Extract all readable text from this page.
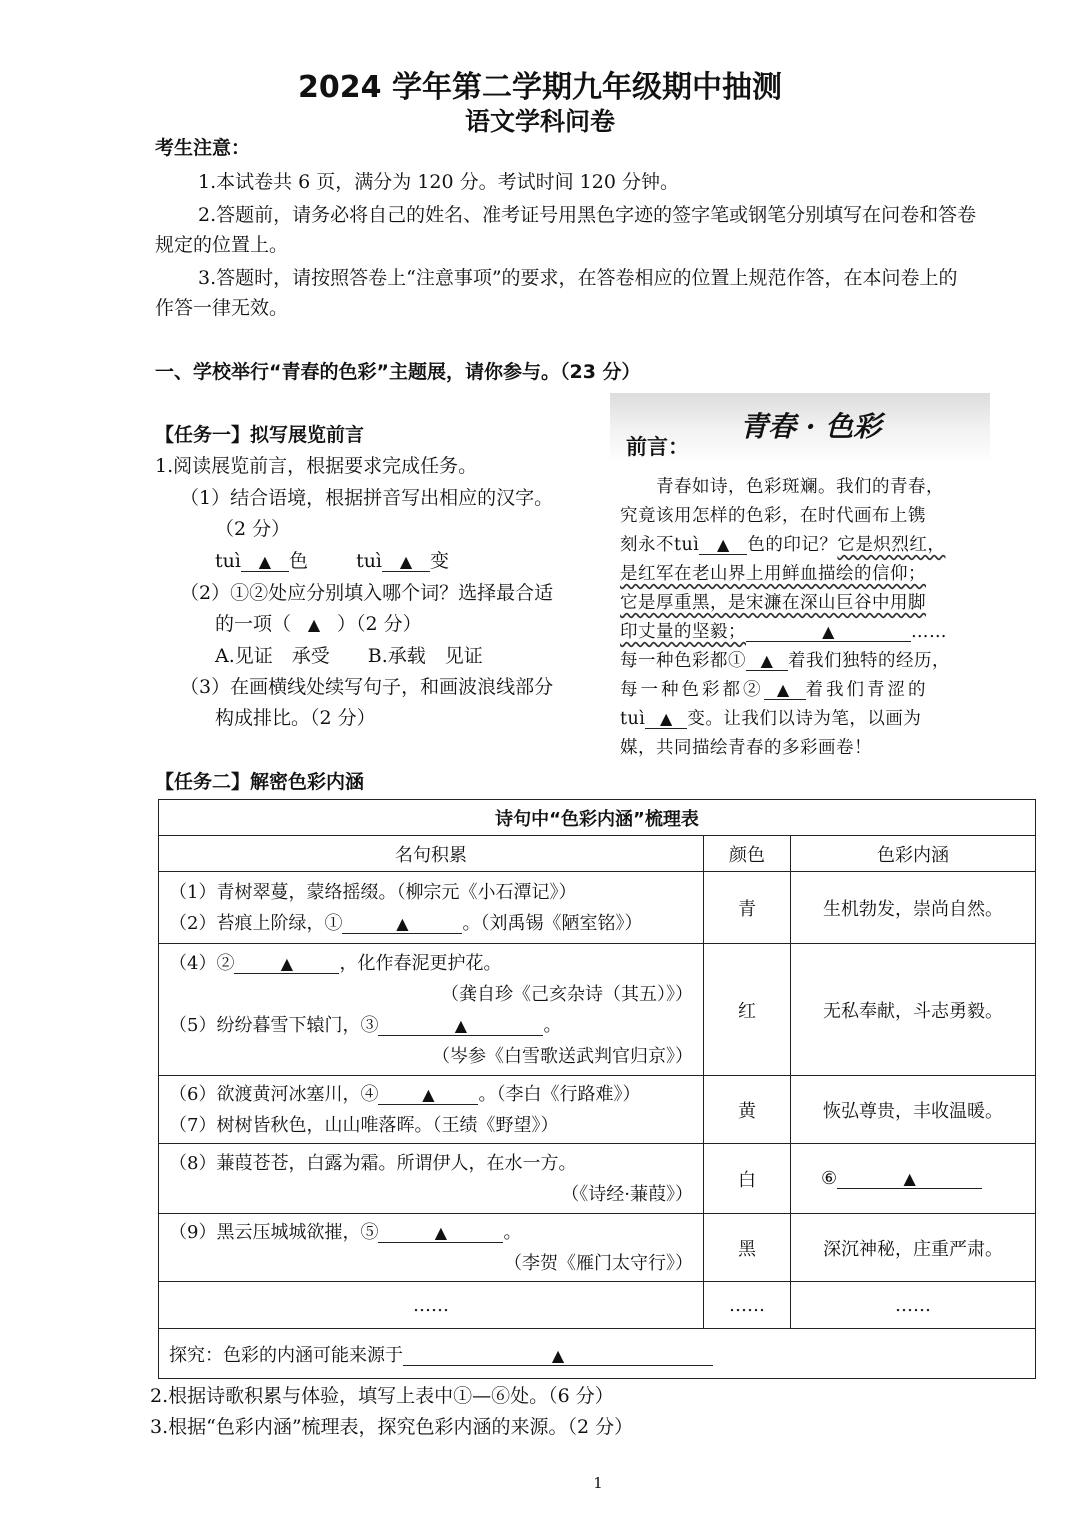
2024 学年第二学期九年级期中抽测
语文学科问卷
考生注意：
1.本试卷共 6 页，满分为 120 分。考试时间 120 分钟。
2.答题前，请务必将自己的姓名、准考证号用黑色字迹的签字笔或钢笔分别填写在问卷和答卷
规定的位置上。
3.答题时，请按照答卷上“注意事项”的要求，在答卷相应的位置上规范作答，在本问卷上的
作答一律无效。
一、学校举行“青春的色彩”主题展，请你参与。（23 分）
【任务一】拟写展览前言
1.阅读展览前言，根据要求完成任务。
（1）结合语境，根据拼音写出相应的汉字。
（2 分）
tuì ▲ 色	tuì ▲ 变
（2）①②处应分别填入哪个词？选择最合适
的一项（ ▲ ）（2 分）
A.见证　承受　　B.承载　见证
（3）在画横线处续写句子，和画波浪线部分
构成排比。（2 分）
青春 · 色彩
前言：
青春如诗，色彩斑斓。我们的青春，
究竟该用怎样的色彩，在时代画布上镌
刻永不tuì ▲ 色的印记？它是炽烈红，
是红军在老山界上用鲜血描绘的信仰；
它是厚重黑，是宋濂在深山巨谷中用脚
印丈量的坚毅；	▲	……
每一种色彩都① ▲ 着我们独特的经历，
每一种色彩都② ▲ 着我们青涩的
tuì ▲ 变。让我们以诗为笔，以画为
媒，共同描绘青春的多彩画卷！
【任务二】解密色彩内涵
诗句中“色彩内涵”梳理表		
名句积累	颜色	色彩内涵

（1）青树翠蔓，蒙络摇缀。（柳宗元《小石潭记》）
（2）苔痕上阶绿，① ▲ 。（刘禹锡《陋室铭》）	青	生机勃发，崇尚自然。

（4）② ▲ ，化作春泥更护花。
（龚自珍《己亥杂诗（其五）》）
（5）纷纷暮雪下辕门，③ ▲ 。
（岑参《白雪歌送武判官归京》）	红	无私奉献，斗志勇毅。

（6）欲渡黄河冰塞川，④ ▲ 。（李白《行路难》）
（7）树树皆秋色，山山唯落晖。（王绩《野望》）	黄	恢弘尊贵，丰收温暖。

（8）蒹葭苍苍，白露为霜。所谓伊人，在水一方。
（《诗经·蒹葭》）	白	⑥ ▲

（9）黑云压城城欲摧，⑤ ▲ 。
（李贺《雁门太守行》）	黑	深沉神秘，庄重严肃。
……	……	……
探究：色彩的内涵可能来源于 ▲		
2.根据诗歌积累与体验，填写上表中①—⑥处。（6 分）
3.根据“色彩内涵”梳理表，探究色彩内涵的来源。（2 分）
1
